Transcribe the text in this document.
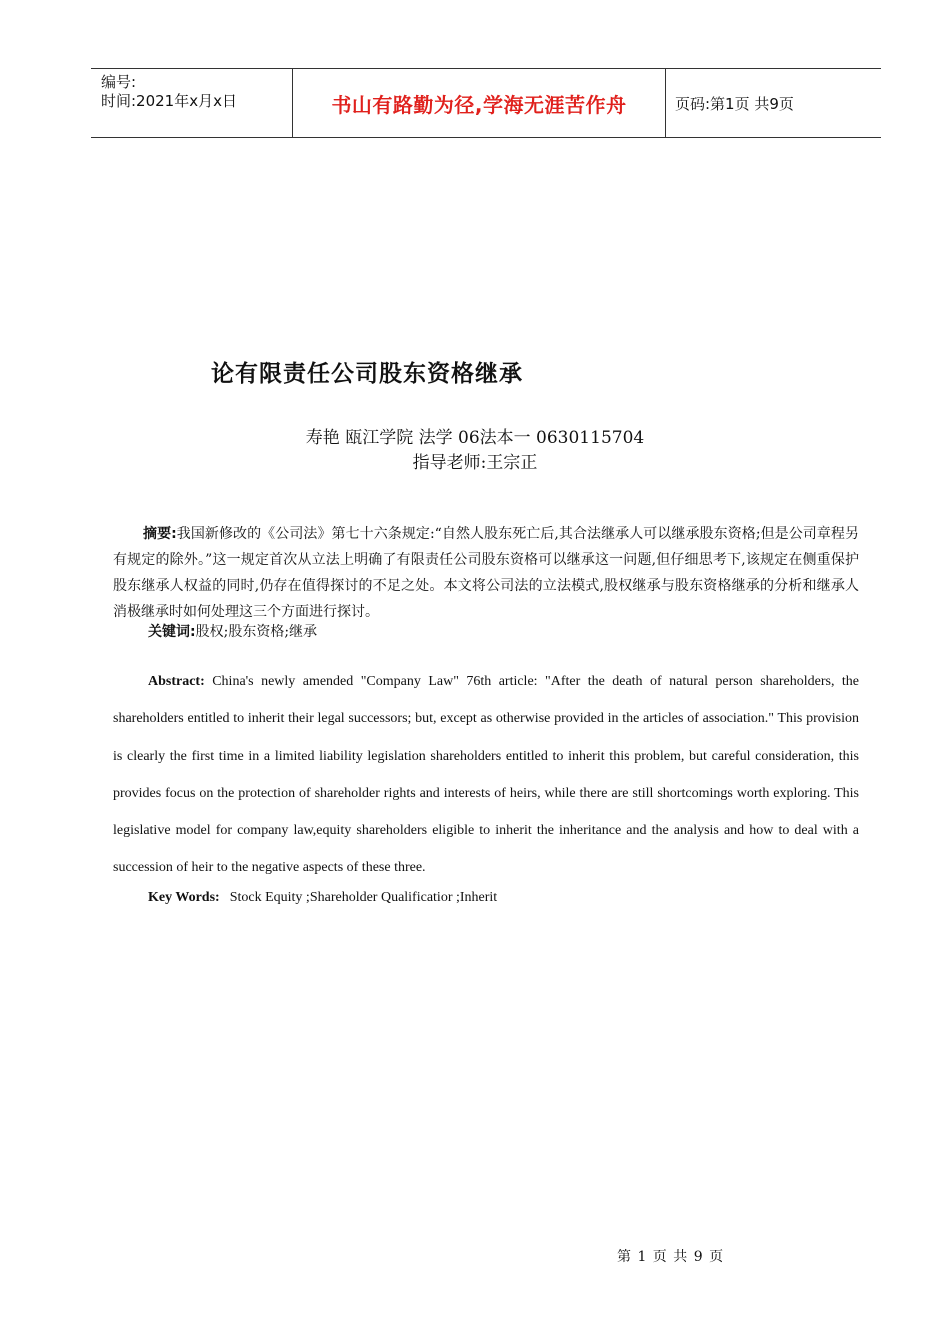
编号:
时间:2021年x月x日	书山有路勤为径,学海无涯苦作舟	页码:第1页 共9页
论有限责任公司股东资格继承
寿艳 瓯江学院 法学 06法本一 0630115704
指导老师:王宗正

摘要:我国新修改的《公司法》第七十六条规定:“自然人股东死亡后,其合法继承人可以继承股东资格;但是公司章程另有规定的除外。”这一规定首次从立法上明确了有限责任公司股东资格可以继承这一问题,但仔细思考下,该规定在侧重保护股东继承人权益的同时,仍存在值得探讨的不足之处。本文将公司法的立法模式,股权继承与股东资格继承的分析和继承人消极继承时如何处理这三个方面进行探讨。

关键词:股权;股东资格;继承

Abstract: China's newly amended "Company Law" 76th article: "After the death of natural person shareholders, the shareholders entitled to inherit their legal successors; but, except as otherwise provided in the articles of association." This provision is clearly the first time in a limited liability legislation shareholders entitled to inherit this problem, but careful consideration, this provides focus on the protection of shareholder rights and interests of heirs, while there are still shortcomings worth exploring. This legislative model for company law,equity shareholders eligible to inherit the inheritance and the analysis and how to deal with a succession of heir to the negative aspects of these three.

Key Words: Stock Equity ;Shareholder Qualificatior ;Inherit
第 1 页 共 9 页
